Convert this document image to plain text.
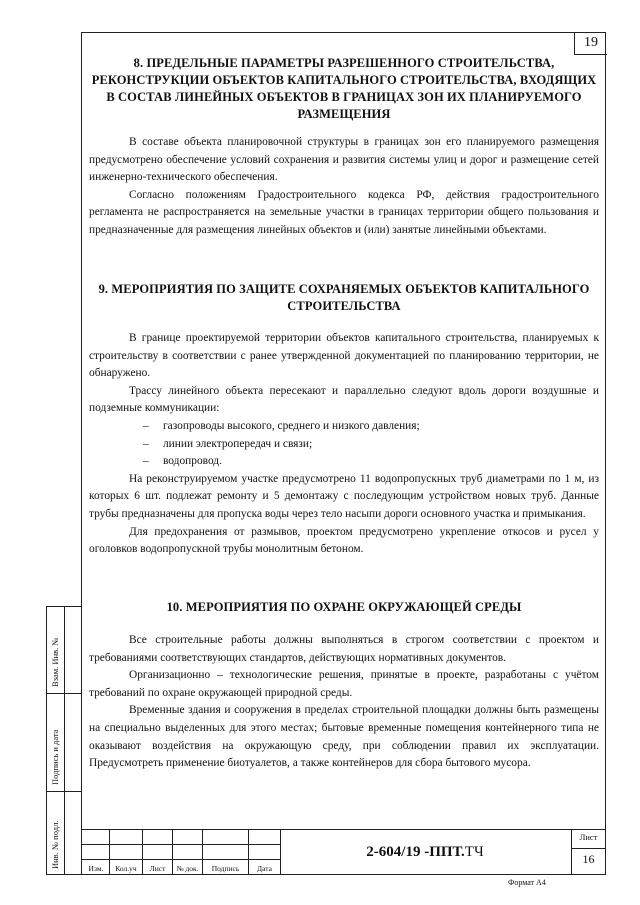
19
8. ПРЕДЕЛЬНЫЕ ПАРАМЕТРЫ РАЗРЕШЕННОГО СТРОИТЕЛЬСТВА, РЕКОНСТРУКЦИИ ОБЪЕКТОВ КАПИТАЛЬНОГО СТРОИТЕЛЬСТВА, ВХОДЯЩИХ В СОСТАВ ЛИНЕЙНЫХ ОБЪЕКТОВ В ГРАНИЦАХ ЗОН ИХ ПЛАНИРУЕМОГО РАЗМЕЩЕНИЯ

В составе объекта планировочной структуры в границах зон его планируемого размещения предусмотрено обеспечение условий сохранения и развития системы улиц и дорог и размещение сетей инженерно-технического обеспечения.

Согласно положениям Градостроительного кодекса РФ, действия градостроительного регламента не распространяется на земельные участки в границах территории общего пользования и предназначенные для размещения линейных объектов и (или) занятые линейными объектами.

9. МЕРОПРИЯТИЯ ПО ЗАЩИТЕ СОХРАНЯЕМЫХ ОБЪЕКТОВ КАПИТАЛЬНОГО СТРОИТЕЛЬСТВА

В границе проектируемой территории объектов капитального строительства, планируемых к строительству в соответствии с ранее утвержденной документацией по планированию территории, не обнаружено.

Трассу линейного объекта пересекают и параллельно следуют вдоль дороги воздушные и подземные коммуникации:

– газопроводы высокого, среднего и низкого давления;
– линии электропередач и связи;
– водопровод.

На реконструируемом участке предусмотрено 11 водопропускных труб диаметрами по 1 м, из которых 6 шт. подлежат ремонту и 5 демонтажу с последующим устройством новых труб. Данные трубы предназначены для пропуска воды через тело насыпи дороги основного участка и примыкания.

Для предохранения от размывов, проектом предусмотрено укрепление откосов и русел у оголовков водопропускной трубы монолитным бетоном.

10. МЕРОПРИЯТИЯ ПО ОХРАНЕ ОКРУЖАЮЩЕЙ СРЕДЫ

Все строительные работы должны выполняться в строгом соответствии с проектом и требованиями соответствующих стандартов, действующих нормативных документов.

Организационно – технологические решения, принятые в проекте, разработаны с учётом требований по охране окружающей природной среды.

Временные здания и сооружения в пределах строительной площадки должны быть размещены на специально выделенных для этого местах; бытовые временные помещения контейнерного типа не оказывают воздействия на окружающую среду, при соблюдении правил их эксплуатации. Предусмотреть применение биотуалетов, а также контейнеров для сбора бытового мусора.

Взам. Инв. №
Подпись и дата
Инв. № подл.	Изм.	Кол.уч	Лист	№ док.	Подпись	Дата
2-604/19 -ППТ. ТЧ
Лист
16
Формат А4
